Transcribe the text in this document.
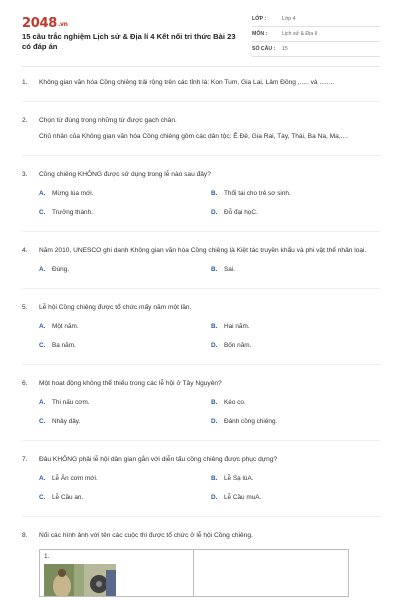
2048.vn
15 câu trắc nghiệm Lịch sử & Địa lí 4 Kết nối tri thức Bài 23 có đáp án
LỚP :	Lớp 4
MÔN :	Lịch sử & Địa lí
SỐ CÂU : 15
1.	Không gian văn hóa Cồng chiêng trải rộng trên các tỉnh là: Kon Tum, Gia Lai, Lâm Đồng ,..... và ........
2.	Chọn từ đúng trong những từ được gạch chân.
Chủ nhân của Không gian văn hóa Cồng chiêng gồm các dân tộc: Ê Đê, Gia Rai, Tày, Thái, Ba Na, Ma,....
3.	Cồng chiêng KHÔNG được sử dụng trong lễ nào sau đây?
A.	Mừng lúa mới.	B.	Thổi tai cho trẻ sơ sinh.
C.	Trưởng thành.	D.	Đỗ đại họC.
4.	Năm 2010, UNESCO ghi danh Không gian văn hóa Cồng chiêng là Kiệt tác truyền khẩu và phi vật thể nhân loại.
A.	Đúng.	B.	Sai.
5.	Lễ hội Cồng chiêng được tổ chức mấy năm một lần.
A.	Một năm.	B.	Hai năm.
C.	Ba năm.	D.	Bốn năm.
6.	Một hoạt động không thể thiếu trong các lễ hội ở Tây Nguyên?
A.	Thi nấu cơm.	B.	Kéo co.
C.	Nhảy dây.	D.	Đánh cồng chiêng.
7.	Đâu KHÔNG phải lễ hội dân gian gắn với diễn tấu cồng chiêng được phục dựng?
A.	Lễ Ăn cơm mới.	B.	Lễ Sạ lúA.
C.	Lễ Cầu an.	D.	Lễ Cầu muA.
8.	Nối các hình ảnh với tên các cuộc thi được tổ chức ở lễ hội Cồng chiêng.
1.
